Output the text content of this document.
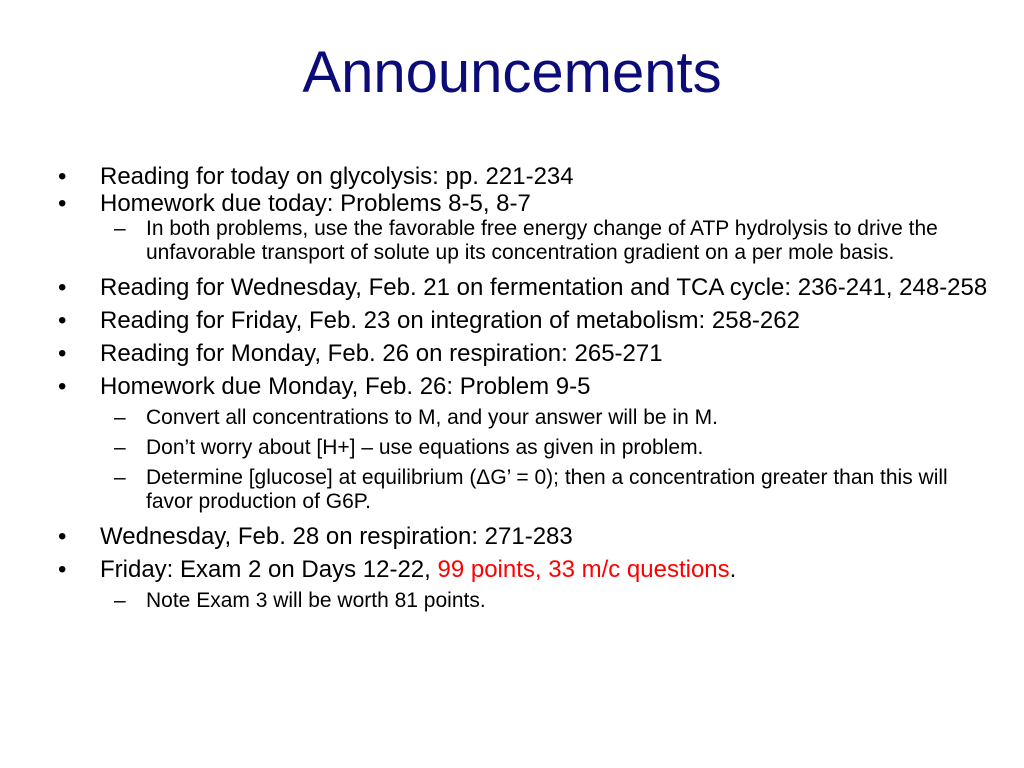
Announcements
•	Reading for today on glycolysis: pp. 221-234
•	Homework due today: Problems 8-5, 8-7
– In both problems, use the favorable free energy change of ATP hydrolysis to drive the unfavorable transport of solute up its concentration gradient on a per mole basis.
•	Reading for Wednesday, Feb. 21 on fermentation and TCA cycle: 236-241, 248-258
•	Reading for Friday, Feb. 23 on integration of metabolism: 258-262
•	Reading for Monday, Feb. 26 on respiration: 265-271
•	Homework due Monday, Feb. 26: Problem 9-5
– Convert all concentrations to M, and your answer will be in M.
– Don’t worry about [H+] – use equations as given in problem.
– Determine [glucose] at equilibrium (ΔG’ = 0); then a concentration greater than this will favor production of G6P.
•	Wednesday, Feb. 28 on respiration: 271-283
•	Friday: Exam 2 on Days 12-22, 99 points, 33 m/c questions.
– Note Exam 3 will be worth 81 points.
